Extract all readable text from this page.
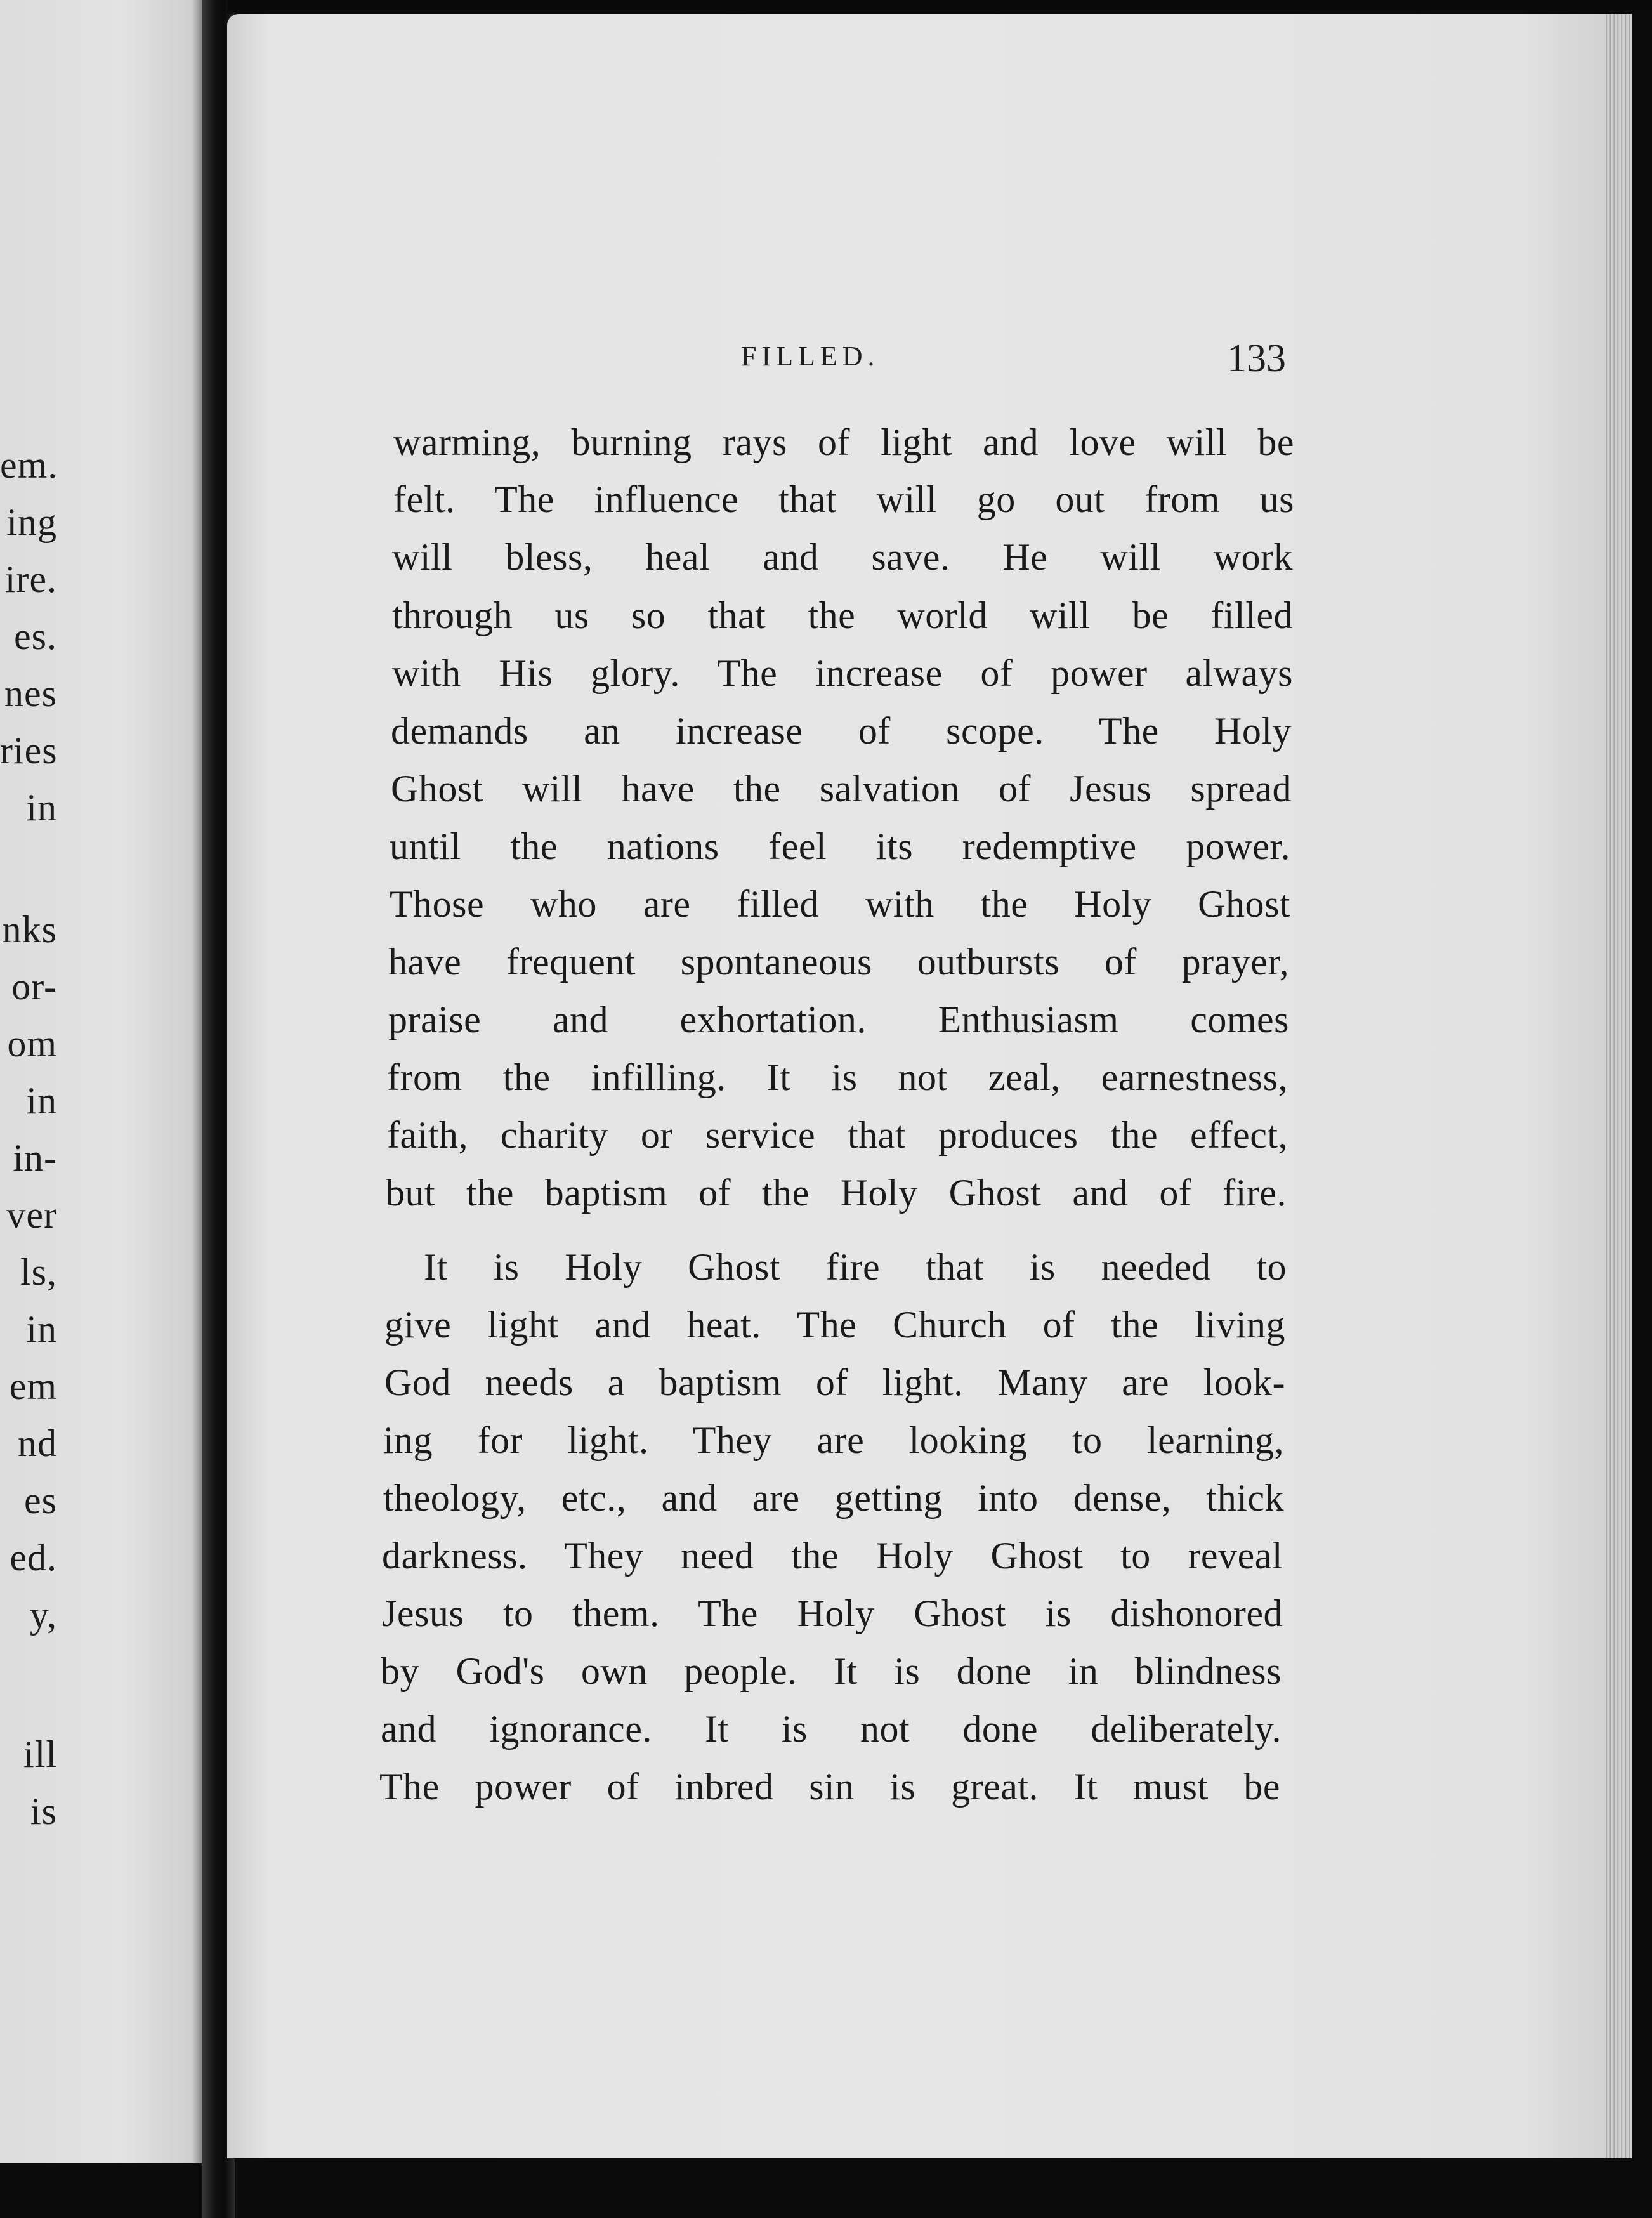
em.
ing
ire.
es.
nes
ries
in
nks
or-
om
in
in-
ver
ls,
in
em
nd
es
ed.
y,
ill
is
FILLED.	133
warming, burning rays of light and love will be
felt. The influence that will go out from us
will bless, heal and save. He will work
through us so that the world will be filled
with His glory. The increase of power always
demands an increase of scope. The Holy
Ghost will have the salvation of Jesus spread
until the nations feel its redemptive power.
Those who are filled with the Holy Ghost
have frequent spontaneous outbursts of prayer,
praise and exhortation. Enthusiasm comes
from the infilling. It is not zeal, earnestness,
faith, charity or service that produces the effect,
but the baptism of the Holy Ghost and of fire.
It is Holy Ghost fire that is needed to
give light and heat. The Church of the living
God needs a baptism of light. Many are look-
ing for light. They are looking to learning,
theology, etc., and are getting into dense, thick
darkness. They need the Holy Ghost to reveal
Jesus to them. The Holy Ghost is dishonored
by God's own people. It is done in blindness
and ignorance. It is not done deliberately.
The power of inbred sin is great. It must be
